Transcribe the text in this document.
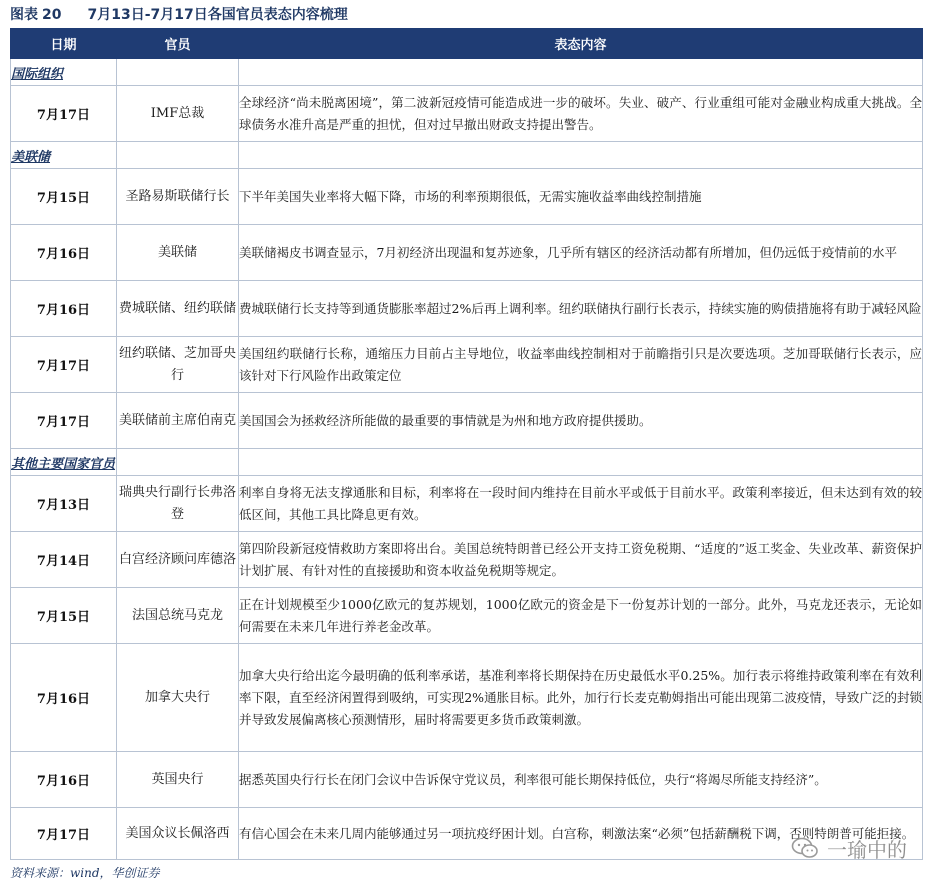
图表 20 7月13日-7月17日各国官员表态内容梳理
日期	官员	表态内容
国际组织		
7月17日	IMF总裁	全球经济“尚未脱离困境”，第二波新冠疫情可能造成进一步的破坏。失业、破产、行业重组可能对金融业构成重大挑战。全球债务水准升高是严重的担忧，但对过早撤出财政支持提出警告。
美联储		
7月15日	圣路易斯联储行长	下半年美国失业率将大幅下降，市场的利率预期很低，无需实施收益率曲线控制措施
7月16日	美联储	美联储褐皮书调查显示，7月初经济出现温和复苏迹象，几乎所有辖区的经济活动都有所增加，但仍远低于疫情前的水平
7月16日	费城联储、纽约联储	费城联储行长支持等到通货膨胀率超过2%后再上调利率。纽约联储执行副行长表示，持续实施的购债措施将有助于减轻风险
7月17日	纽约联储、芝加哥央行	美国纽约联储行长称，通缩压力目前占主导地位，收益率曲线控制相对于前瞻指引只是次要选项。芝加哥联储行长表示，应该针对下行风险作出政策定位
7月17日	美联储前主席伯南克	美国国会为拯救经济所能做的最重要的事情就是为州和地方政府提供援助。
其他主要国家官员		
7月13日	瑞典央行副行长弗洛登	利率自身将无法支撑通胀和目标，利率将在一段时间内维持在目前水平或低于目前水平。政策利率接近，但未达到有效的较低区间，其他工具比降息更有效。
7月14日	白宫经济顾问库德洛	第四阶段新冠疫情救助方案即将出台。美国总统特朗普已经公开支持工资免税期、“适度的”返工奖金、失业改革、薪资保护计划扩展、有针对性的直接援助和资本收益免税期等规定。
7月15日	法国总统马克龙	正在计划规模至少1000亿欧元的复苏规划，1000亿欧元的资金是下一份复苏计划的一部分。此外，马克龙还表示，无论如何需要在未来几年进行养老金改革。
7月16日	加拿大央行	加拿大央行给出迄今最明确的低利率承诺，基准利率将长期保持在历史最低水平0.25%。加行表示将维持政策利率在有效利率下限，直至经济闲置得到吸纳，可实现2%通胀目标。此外，加行行长麦克勒姆指出可能出现第二波疫情，导致广泛的封锁并导致发展偏离核心预测情形，届时将需要更多货币政策刺激。
7月16日	英国央行	据悉英国央行行长在闭门会议中告诉保守党议员，利率很可能长期保持低位，央行“将竭尽所能支持经济”。
7月17日	美国众议长佩洛西	有信心国会在未来几周内能够通过另一项抗疫纾困计划。白宫称，刺激法案“必须”包括薪酬税下调，否则特朗普可能拒接。
资料来源：wind，华创证券
一瑜中的
